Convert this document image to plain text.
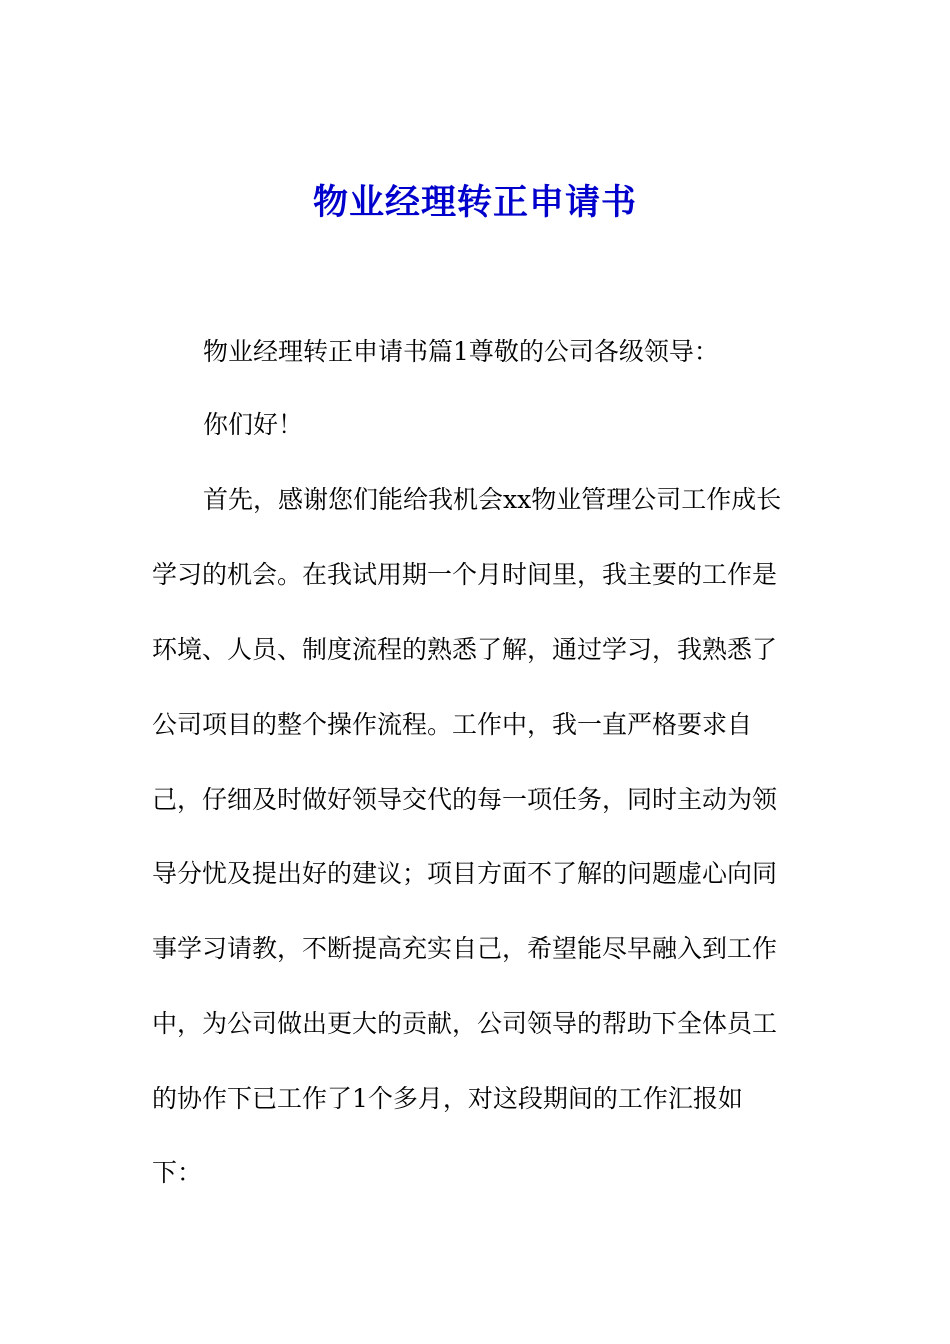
物业经理转正申请书

物业经理转正申请书篇1尊敬的公司各级领导：

你们好！

首先，感谢您们能给我机会xx物业管理公司工作成长

学习的机会。在我试用期一个月时间里，我主要的工作是

环境、人员、制度流程的熟悉了解，通过学习，我熟悉了

公司项目的整个操作流程。工作中，我一直严格要求自

己，仔细及时做好领导交代的每一项任务，同时主动为领

导分忧及提出好的建议；项目方面不了解的问题虚心向同

事学习请教，不断提高充实自己，希望能尽早融入到工作

中，为公司做出更大的贡献，公司领导的帮助下全体员工

的协作下已工作了1个多月，对这段期间的工作汇报如

下：
